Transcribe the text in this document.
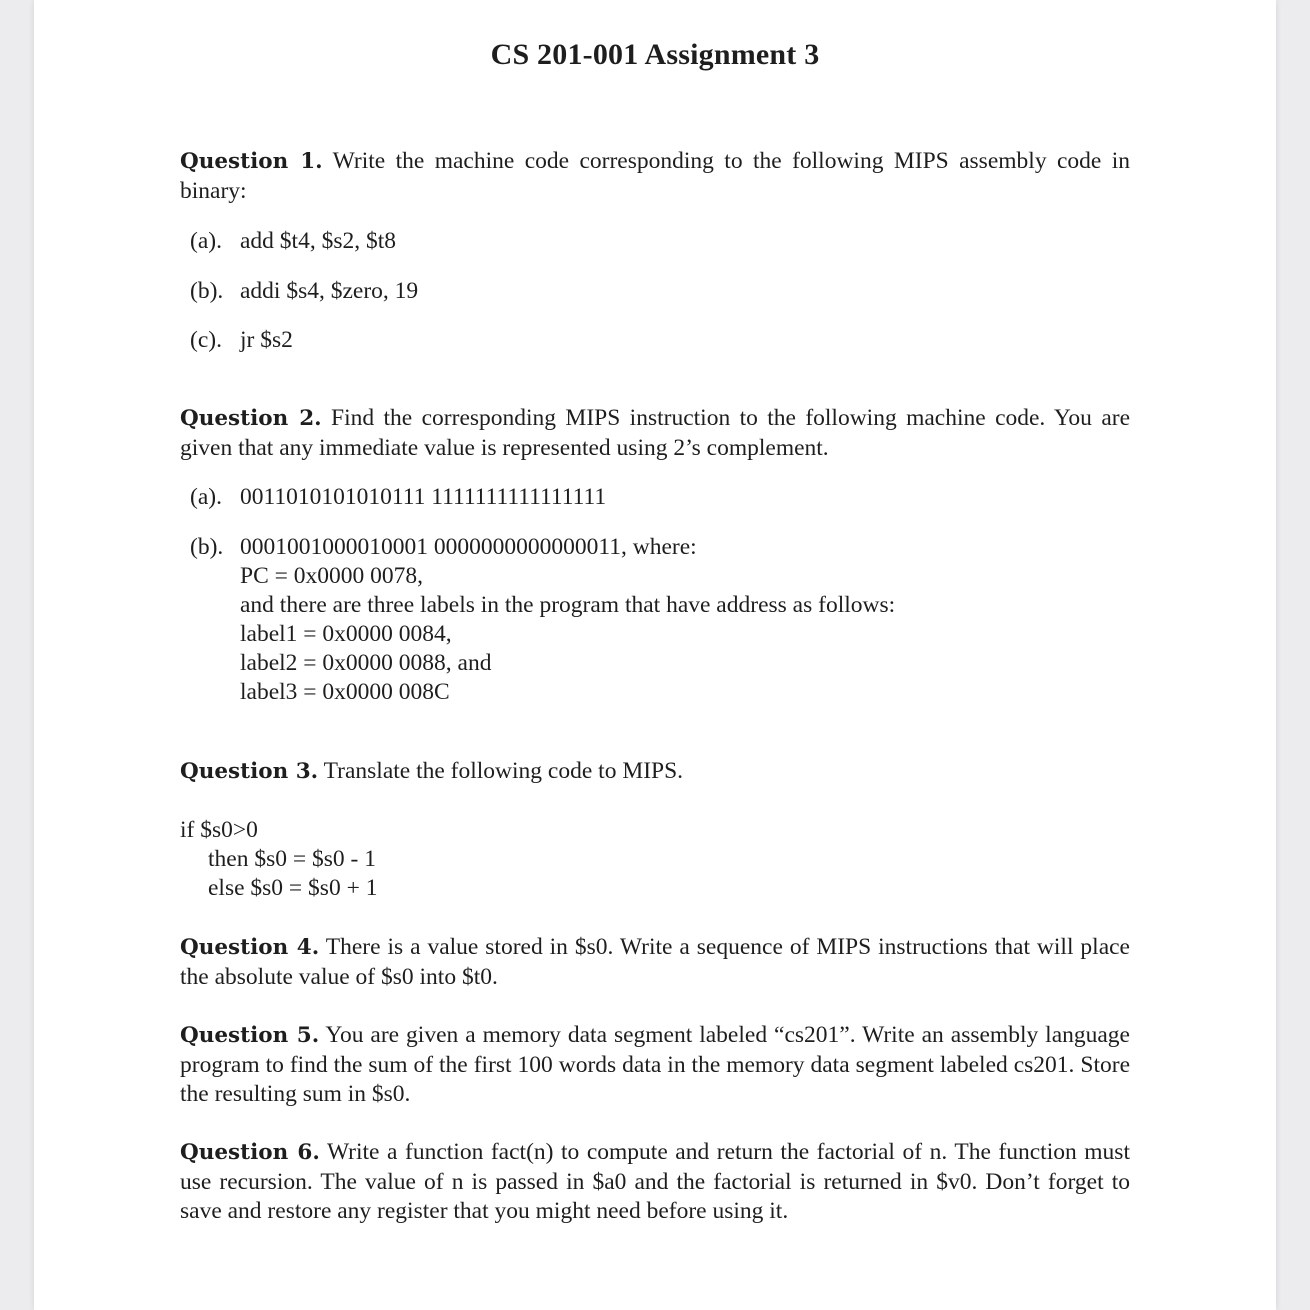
CS 201-001 Assignment 3
Question 1. Write the machine code corresponding to the following MIPS assembly code in binary:
(a). add $t4, $s2, $t8
(b). addi $s4, $zero, 19
(c). jr $s2
Question 2. Find the corresponding MIPS instruction to the following machine code. You are given that any immediate value is represented using 2’s complement.
(a). 0011010101010111 1111111111111111
(b). 0001001000010001 0000000000000011, where:
PC = 0x0000 0078,
and there are three labels in the program that have address as follows:
label1 = 0x0000 0084,
label2 = 0x0000 0088, and
label3 = 0x0000 008C
Question 3. Translate the following code to MIPS.
if $s0>0
then $s0 = $s0 - 1
else $s0 = $s0 + 1
Question 4. There is a value stored in $s0. Write a sequence of MIPS instructions that will place the absolute value of $s0 into $t0.
Question 5. You are given a memory data segment labeled “cs201”. Write an assembly language program to find the sum of the first 100 words data in the memory data segment labeled cs201. Store the resulting sum in $s0.
Question 6. Write a function fact(n) to compute and return the factorial of n. The function must use recursion. The value of n is passed in $a0 and the factorial is returned in $v0. Don’t forget to save and restore any register that you might need before using it.
